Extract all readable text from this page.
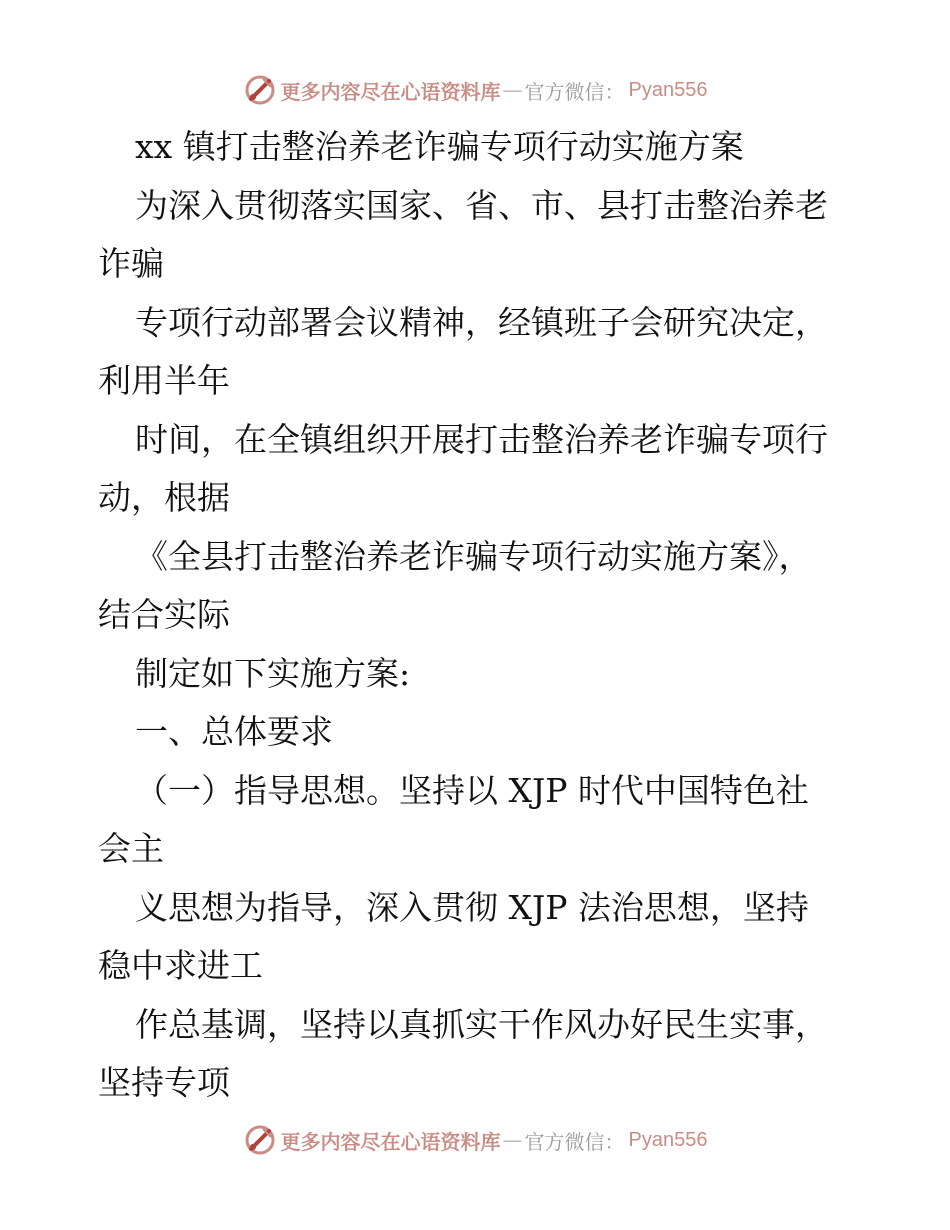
更多内容尽在心语资料库 — 官方微信： Pyan556
xx 镇打击整治养老诈骗专项行动实施方案
为深入贯彻落实国家、省、市、县打击整治养老
诈骗
专项行动部署会议精神，经镇班子会研究决定，
利用半年
时间，在全镇组织开展打击整治养老诈骗专项行
动，根据
《全县打击整治养老诈骗专项行动实施方案》，
结合实际
制定如下实施方案:
一、总体要求
（一）指导思想。坚持以 XJP 时代中国特色社
会主
义思想为指导，深入贯彻 XJP 法治思想，坚持
稳中求进工
作总基调，坚持以真抓实干作风办好民生实事，
坚持专项
更多内容尽在心语资料库 — 官方微信： Pyan556
